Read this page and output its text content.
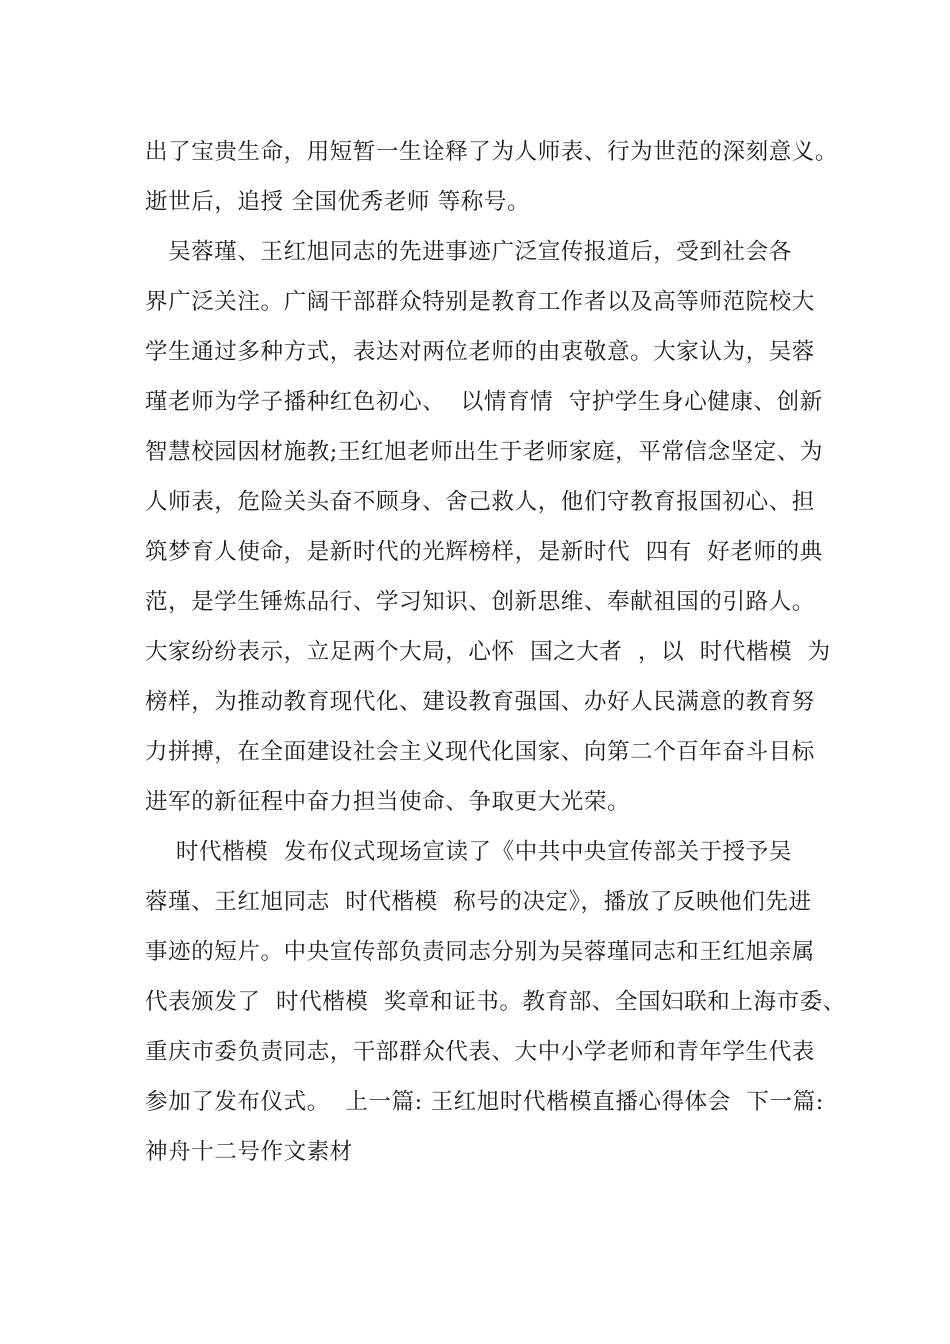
出了宝贵生命，用短暂一生诠释了为人师表、行为世范的深刻意义。
逝世后，追授 全国优秀老师 等称号。
　吴蓉瑾、王红旭同志的先进事迹广泛宣传报道后，受到社会各
界广泛关注。广阔干部群众特别是教育工作者以及高等师范院校大
学生通过多种方式，表达对两位老师的由衷敬意。大家认为，吴蓉
瑾老师为学子播种红色初心、  以情育情  守护学生身心健康、创新
智慧校园因材施教;王红旭老师出生于老师家庭，平常信念坚定、为
人师表，危险关头奋不顾身、舍己救人，他们守教育报国初心、担
筑梦育人使命，是新时代的光辉榜样，是新时代  四有  好老师的典
范，是学生锤炼品行、学习知识、创新思维、奉献祖国的引路人。
大家纷纷表示，立足两个大局，心怀  国之大者  ，以  时代楷模  为
榜样，为推动教育现代化、建设教育强国、办好人民满意的教育努
力拼搏，在全面建设社会主义现代化国家、向第二个百年奋斗目标
进军的新征程中奋力担当使命、争取更大光荣。
　 时代楷模  发布仪式现场宣读了《中共中央宣传部关于授予吴
蓉瑾、王红旭同志  时代楷模  称号的决定》，播放了反映他们先进
事迹的短片。中央宣传部负责同志分别为吴蓉瑾同志和王红旭亲属
代表颁发了  时代楷模  奖章和证书。教育部、全国妇联和上海市委、
重庆市委负责同志，干部群众代表、大中小学老师和青年学生代表
参加了发布仪式。 上一篇: 王红旭时代楷模直播心得体会 下一篇:
神舟十二号作文素材
